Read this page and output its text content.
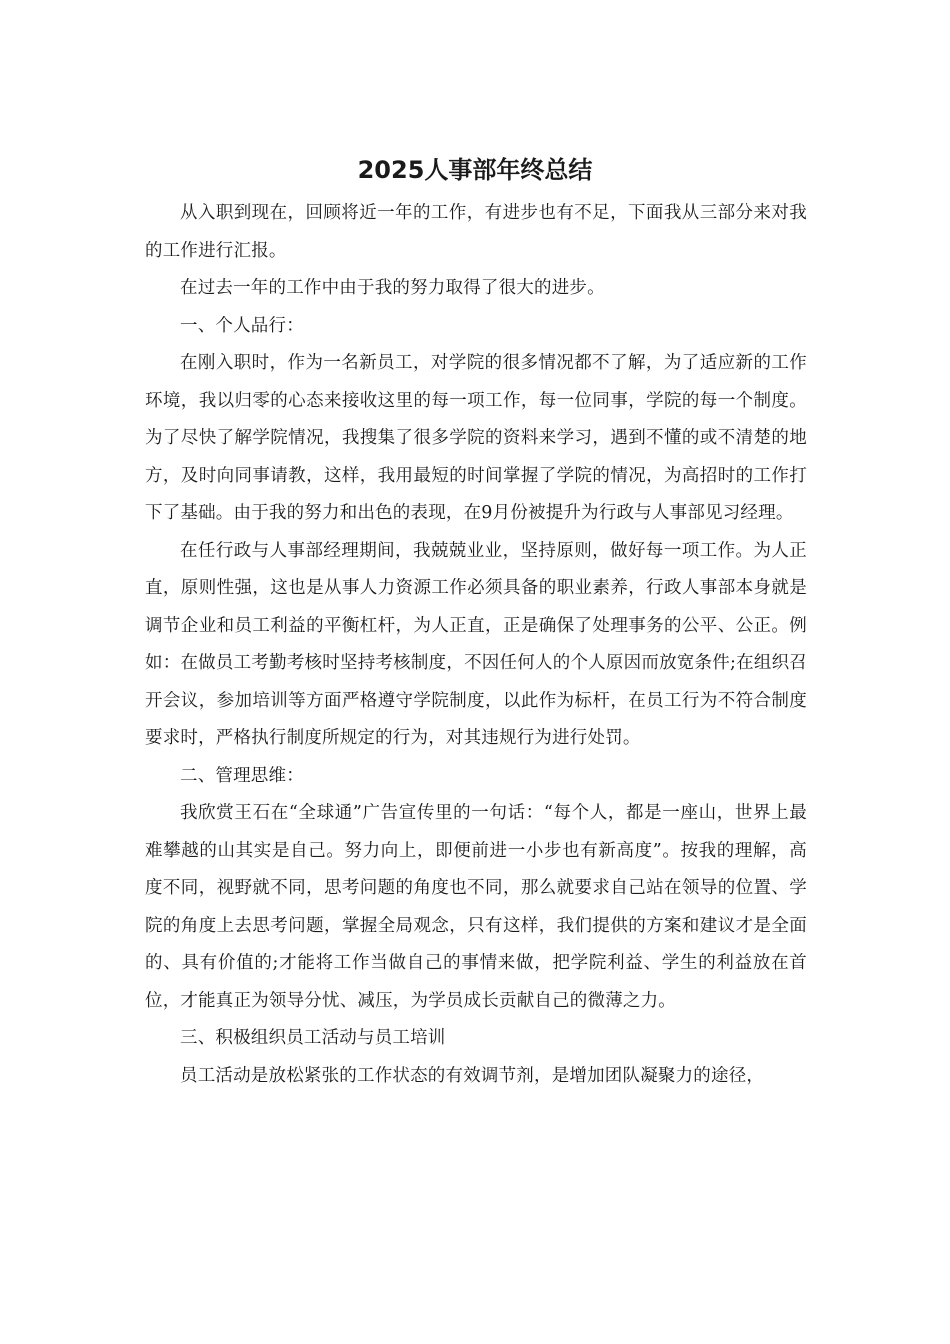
2025人事部年终总结

从入职到现在，回顾将近一年的工作，有进步也有不足，下面我从三部分来对我的工作进行汇报。

在过去一年的工作中由于我的努力取得了很大的进步。

一、个人品行：

在刚入职时，作为一名新员工，对学院的很多情况都不了解，为了适应新的工作环境，我以归零的心态来接收这里的每一项工作，每一位同事，学院的每一个制度。为了尽快了解学院情况，我搜集了很多学院的资料来学习，遇到不懂的或不清楚的地方，及时向同事请教，这样，我用最短的时间掌握了学院的情况，为高招时的工作打下了基础。由于我的努力和出色的表现，在9月份被提升为行政与人事部见习经理。

在任行政与人事部经理期间，我兢兢业业，坚持原则，做好每一项工作。为人正直，原则性强，这也是从事人力资源工作必须具备的职业素养，行政人事部本身就是调节企业和员工利益的平衡杠杆，为人正直，正是确保了处理事务的公平、公正。例如：在做员工考勤考核时坚持考核制度，不因任何人的个人原因而放宽条件;在组织召开会议，参加培训等方面严格遵守学院制度，以此作为标杆，在员工行为不符合制度要求时，严格执行制度所规定的行为，对其违规行为进行处罚。

二、管理思维：

我欣赏王石在“全球通”广告宣传里的一句话：“每个人，都是一座山，世界上最难攀越的山其实是自己。努力向上，即便前进一小步也有新高度”。按我的理解，高度不同，视野就不同，思考问题的角度也不同，那么就要求自己站在领导的位置、学院的角度上去思考问题，掌握全局观念，只有这样，我们提供的方案和建议才是全面的、具有价值的;才能将工作当做自己的事情来做，把学院利益、学生的利益放在首位，才能真正为领导分忧、减压，为学员成长贡献自己的微薄之力。

三、积极组织员工活动与员工培训

员工活动是放松紧张的工作状态的有效调节剂，是增加团队凝聚力的途径，
